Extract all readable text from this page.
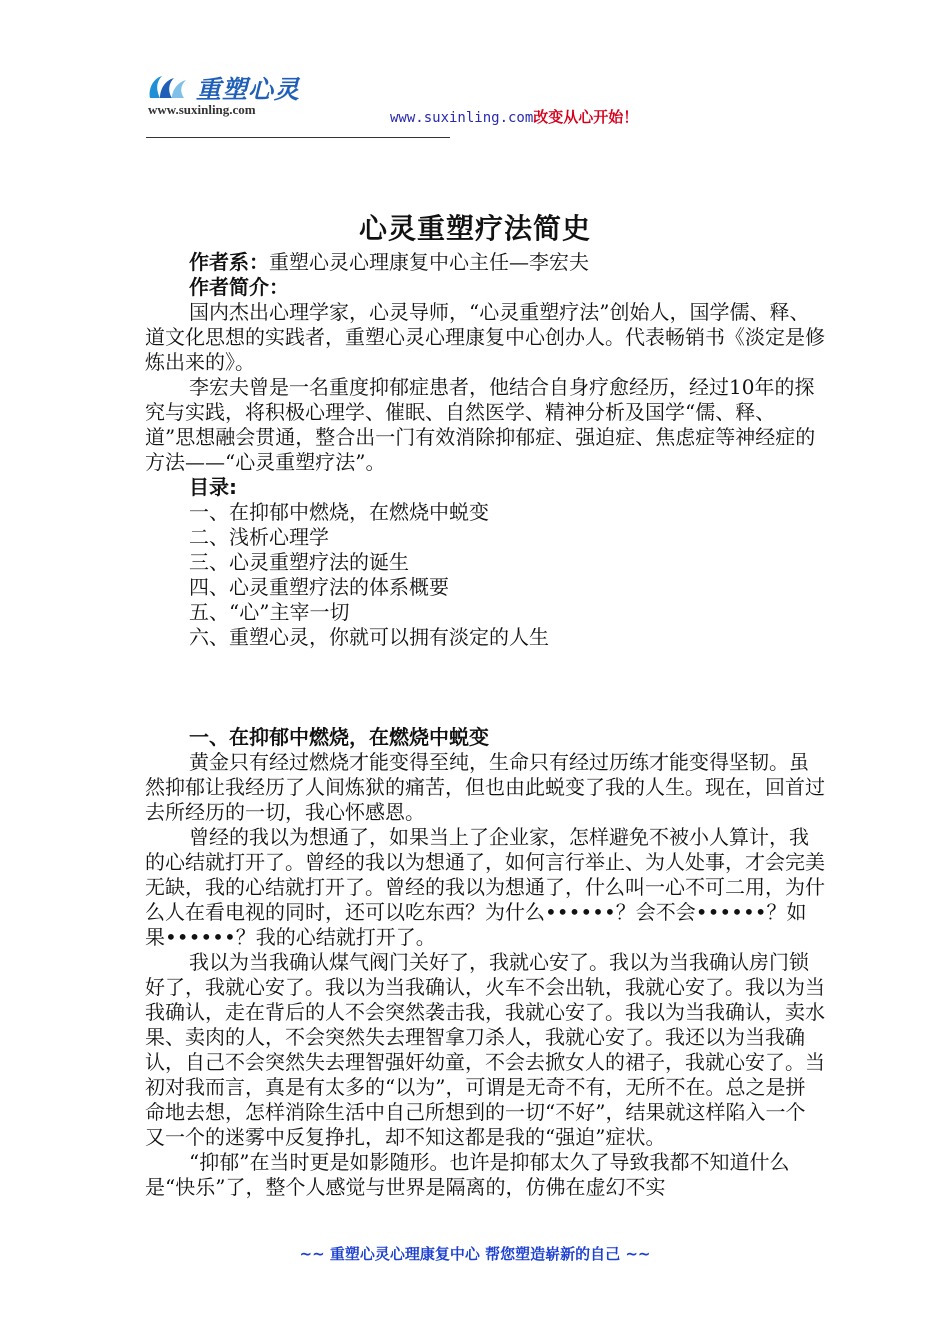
重塑心灵
www.suxinling.com
www.suxinling.com改变从心开始！
心灵重塑疗法简史

作者系：重塑心灵心理康复中心主任—李宏夫

作者简介：

国内杰出心理学家，心灵导师，“心灵重塑疗法”创始人，国学儒、释、道文化思想的实践者，重塑心灵心理康复中心创办人。代表畅销书《淡定是修炼出来的》。

李宏夫曾是一名重度抑郁症患者，他结合自身疗愈经历，经过10年的探究与实践，将积极心理学、催眠、自然医学、精神分析及国学“儒、释、道”思想融会贯通，整合出一门有效消除抑郁症、强迫症、焦虑症等神经症的方法——“心灵重塑疗法”。

目录:

一、在抑郁中燃烧，在燃烧中蜕变

二、浅析心理学

三、心灵重塑疗法的诞生

四、心灵重塑疗法的体系概要

五、“心”主宰一切

六、重塑心灵，你就可以拥有淡定的人生

一、在抑郁中燃烧，在燃烧中蜕变

黄金只有经过燃烧才能变得至纯，生命只有经过历练才能变得坚韧。虽然抑郁让我经历了人间炼狱的痛苦，但也由此蜕变了我的人生。现在，回首过去所经历的一切，我心怀感恩。

曾经的我以为想通了，如果当上了企业家，怎样避免不被小人算计，我的心结就打开了。曾经的我以为想通了，如何言行举止、为人处事，才会完美无缺，我的心结就打开了。曾经的我以为想通了，什么叫一心不可二用，为什么人在看电视的同时，还可以吃东西？为什么••••••？会不会••••••？如果••••••？我的心结就打开了。

我以为当我确认煤气阀门关好了，我就心安了。我以为当我确认房门锁好了，我就心安了。我以为当我确认，火车不会出轨，我就心安了。我以为当我确认，走在背后的人不会突然袭击我，我就心安了。我以为当我确认，卖水果、卖肉的人，不会突然失去理智拿刀杀人，我就心安了。我还以为当我确认，自己不会突然失去理智强奸幼童，不会去掀女人的裙子，我就心安了。当初对我而言，真是有太多的“以为”，可谓是无奇不有，无所不在。总之是拼命地去想，怎样消除生活中自己所想到的一切“不好”，结果就这样陷入一个又一个的迷雾中反复挣扎，却不知这都是我的“强迫”症状。

“抑郁”在当时更是如影随形。也许是抑郁太久了导致我都不知道什么是“快乐”了，整个人感觉与世界是隔离的，仿佛在虚幻不实

~~ 重塑心灵心理康复中心 帮您塑造崭新的自己 ~~
